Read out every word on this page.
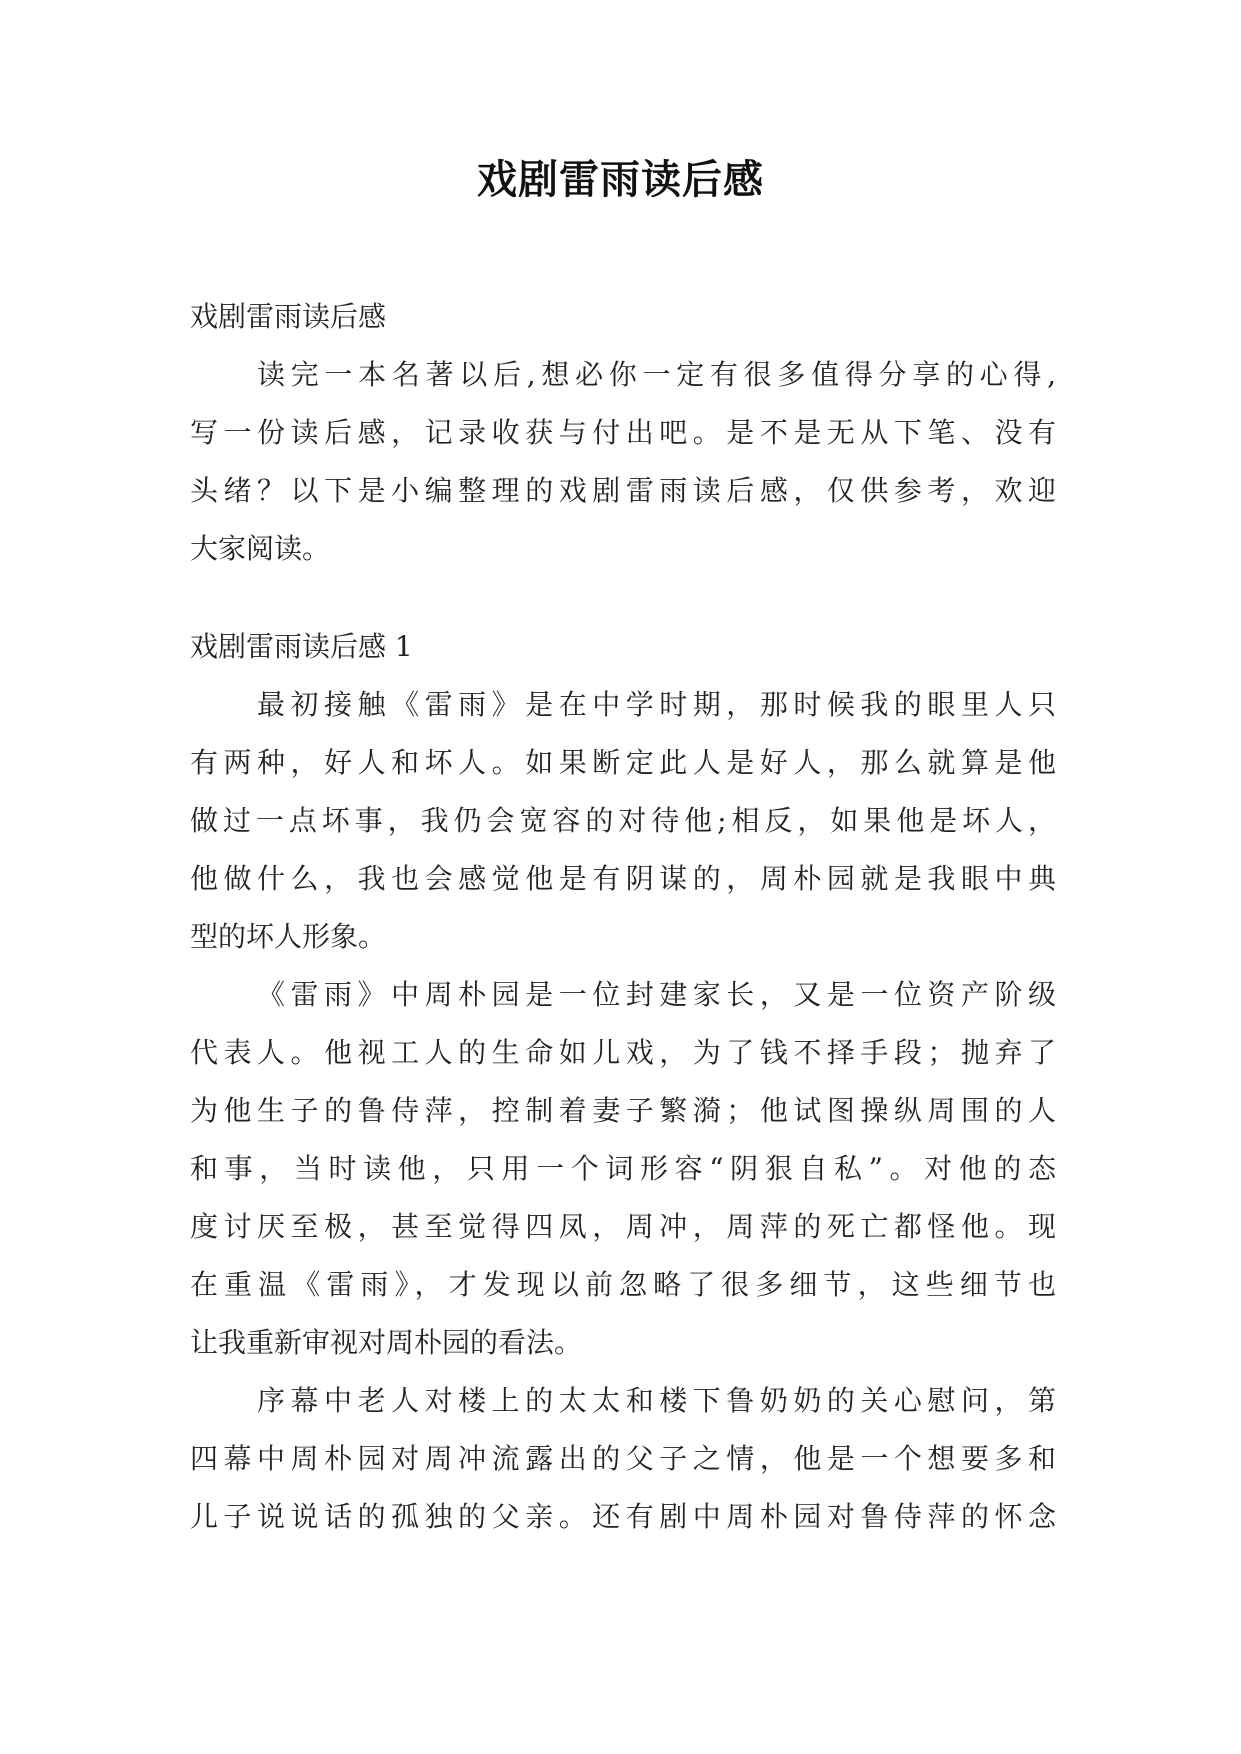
戏剧雷雨读后感
戏剧雷雨读后感
读完一本名著以后,想必你一定有很多值得分享的心得,
写一份读后感，记录收获与付出吧。是不是无从下笔、没有
头绪？以下是小编整理的戏剧雷雨读后感，仅供参考，欢迎
大家阅读。
戏剧雷雨读后感 1
最初接触《雷雨》是在中学时期，那时候我的眼里人只
有两种，好人和坏人。如果断定此人是好人，那么就算是他
做过一点坏事，我仍会宽容的对待他;相反，如果他是坏人，
他做什么，我也会感觉他是有阴谋的，周朴园就是我眼中典
型的坏人形象。
《雷雨》中周朴园是一位封建家长，又是一位资产阶级
代表人。他视工人的生命如儿戏，为了钱不择手段；抛弃了
为他生子的鲁侍萍，控制着妻子繁漪；他试图操纵周围的人
和事，当时读他，只用一个词形容“阴狠自私”。对他的态
度讨厌至极，甚至觉得四凤，周冲，周萍的死亡都怪他。现
在重温《雷雨》，才发现以前忽略了很多细节，这些细节也
让我重新审视对周朴园的看法。
序幕中老人对楼上的太太和楼下鲁奶奶的关心慰问，第
四幕中周朴园对周冲流露出的父子之情，他是一个想要多和
儿子说说话的孤独的父亲。还有剧中周朴园对鲁侍萍的怀念
